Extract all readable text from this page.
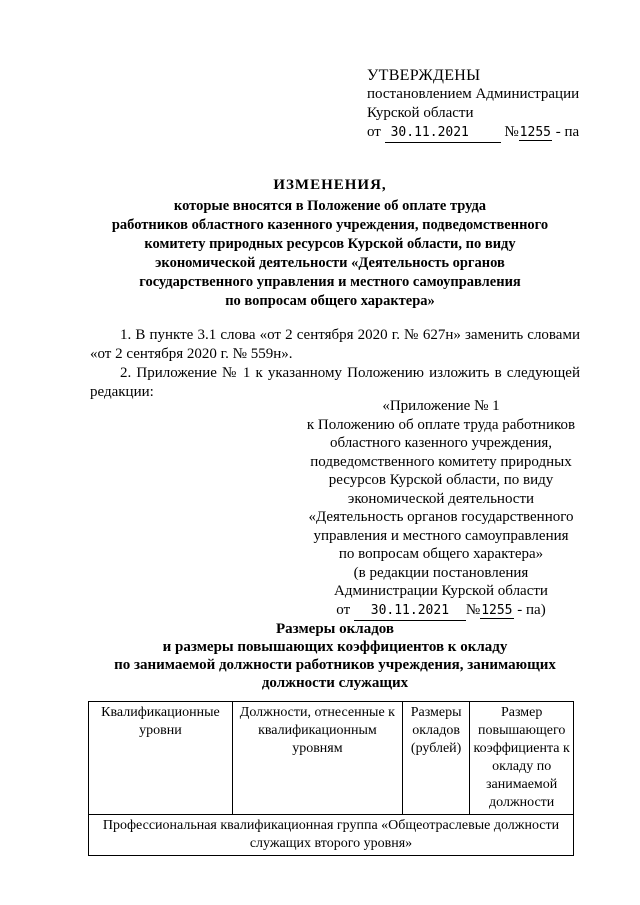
УТВЕРЖДЕНЫ
постановлением Администрации
Курской области
от 30.11.2021 №1255 - па
ИЗМЕНЕНИЯ,
которые вносятся в Положение об оплате труда
работников областного казенного учреждения, подведомственного
комитету природных ресурсов Курской области, по виду
экономической деятельности «Деятельность органов
государственного управления и местного самоуправления
по вопросам общего характера»
1. В пункте 3.1 слова «от 2 сентября 2020 г. № 627н» заменить словами «от 2 сентября 2020 г. № 559н».
2. Приложение № 1 к указанному Положению изложить в следующей редакции:
«Приложение № 1
к Положению об оплате труда работников
областного казенного учреждения,
подведомственного комитету природных
ресурсов Курской области, по виду
экономической деятельности
«Деятельность органов государственного
управления и местного самоуправления
по вопросам общего характера»
(в редакции постановления
Администрации Курской области
от 30.11.2021 №1255 - па)
Размеры окладов
и размеры повышающих коэффициентов к окладу
по занимаемой должности работников учреждения, занимающих
должности служащих
Квалификационные уровни	Должности, отнесенные к квалификационным уровням	Размеры окладов (рублей)	Размер повышающего коэффициента к окладу по занимаемой должности
Профессиональная квалификационная группа «Общеотраслевые должности служащих второго уровня»
